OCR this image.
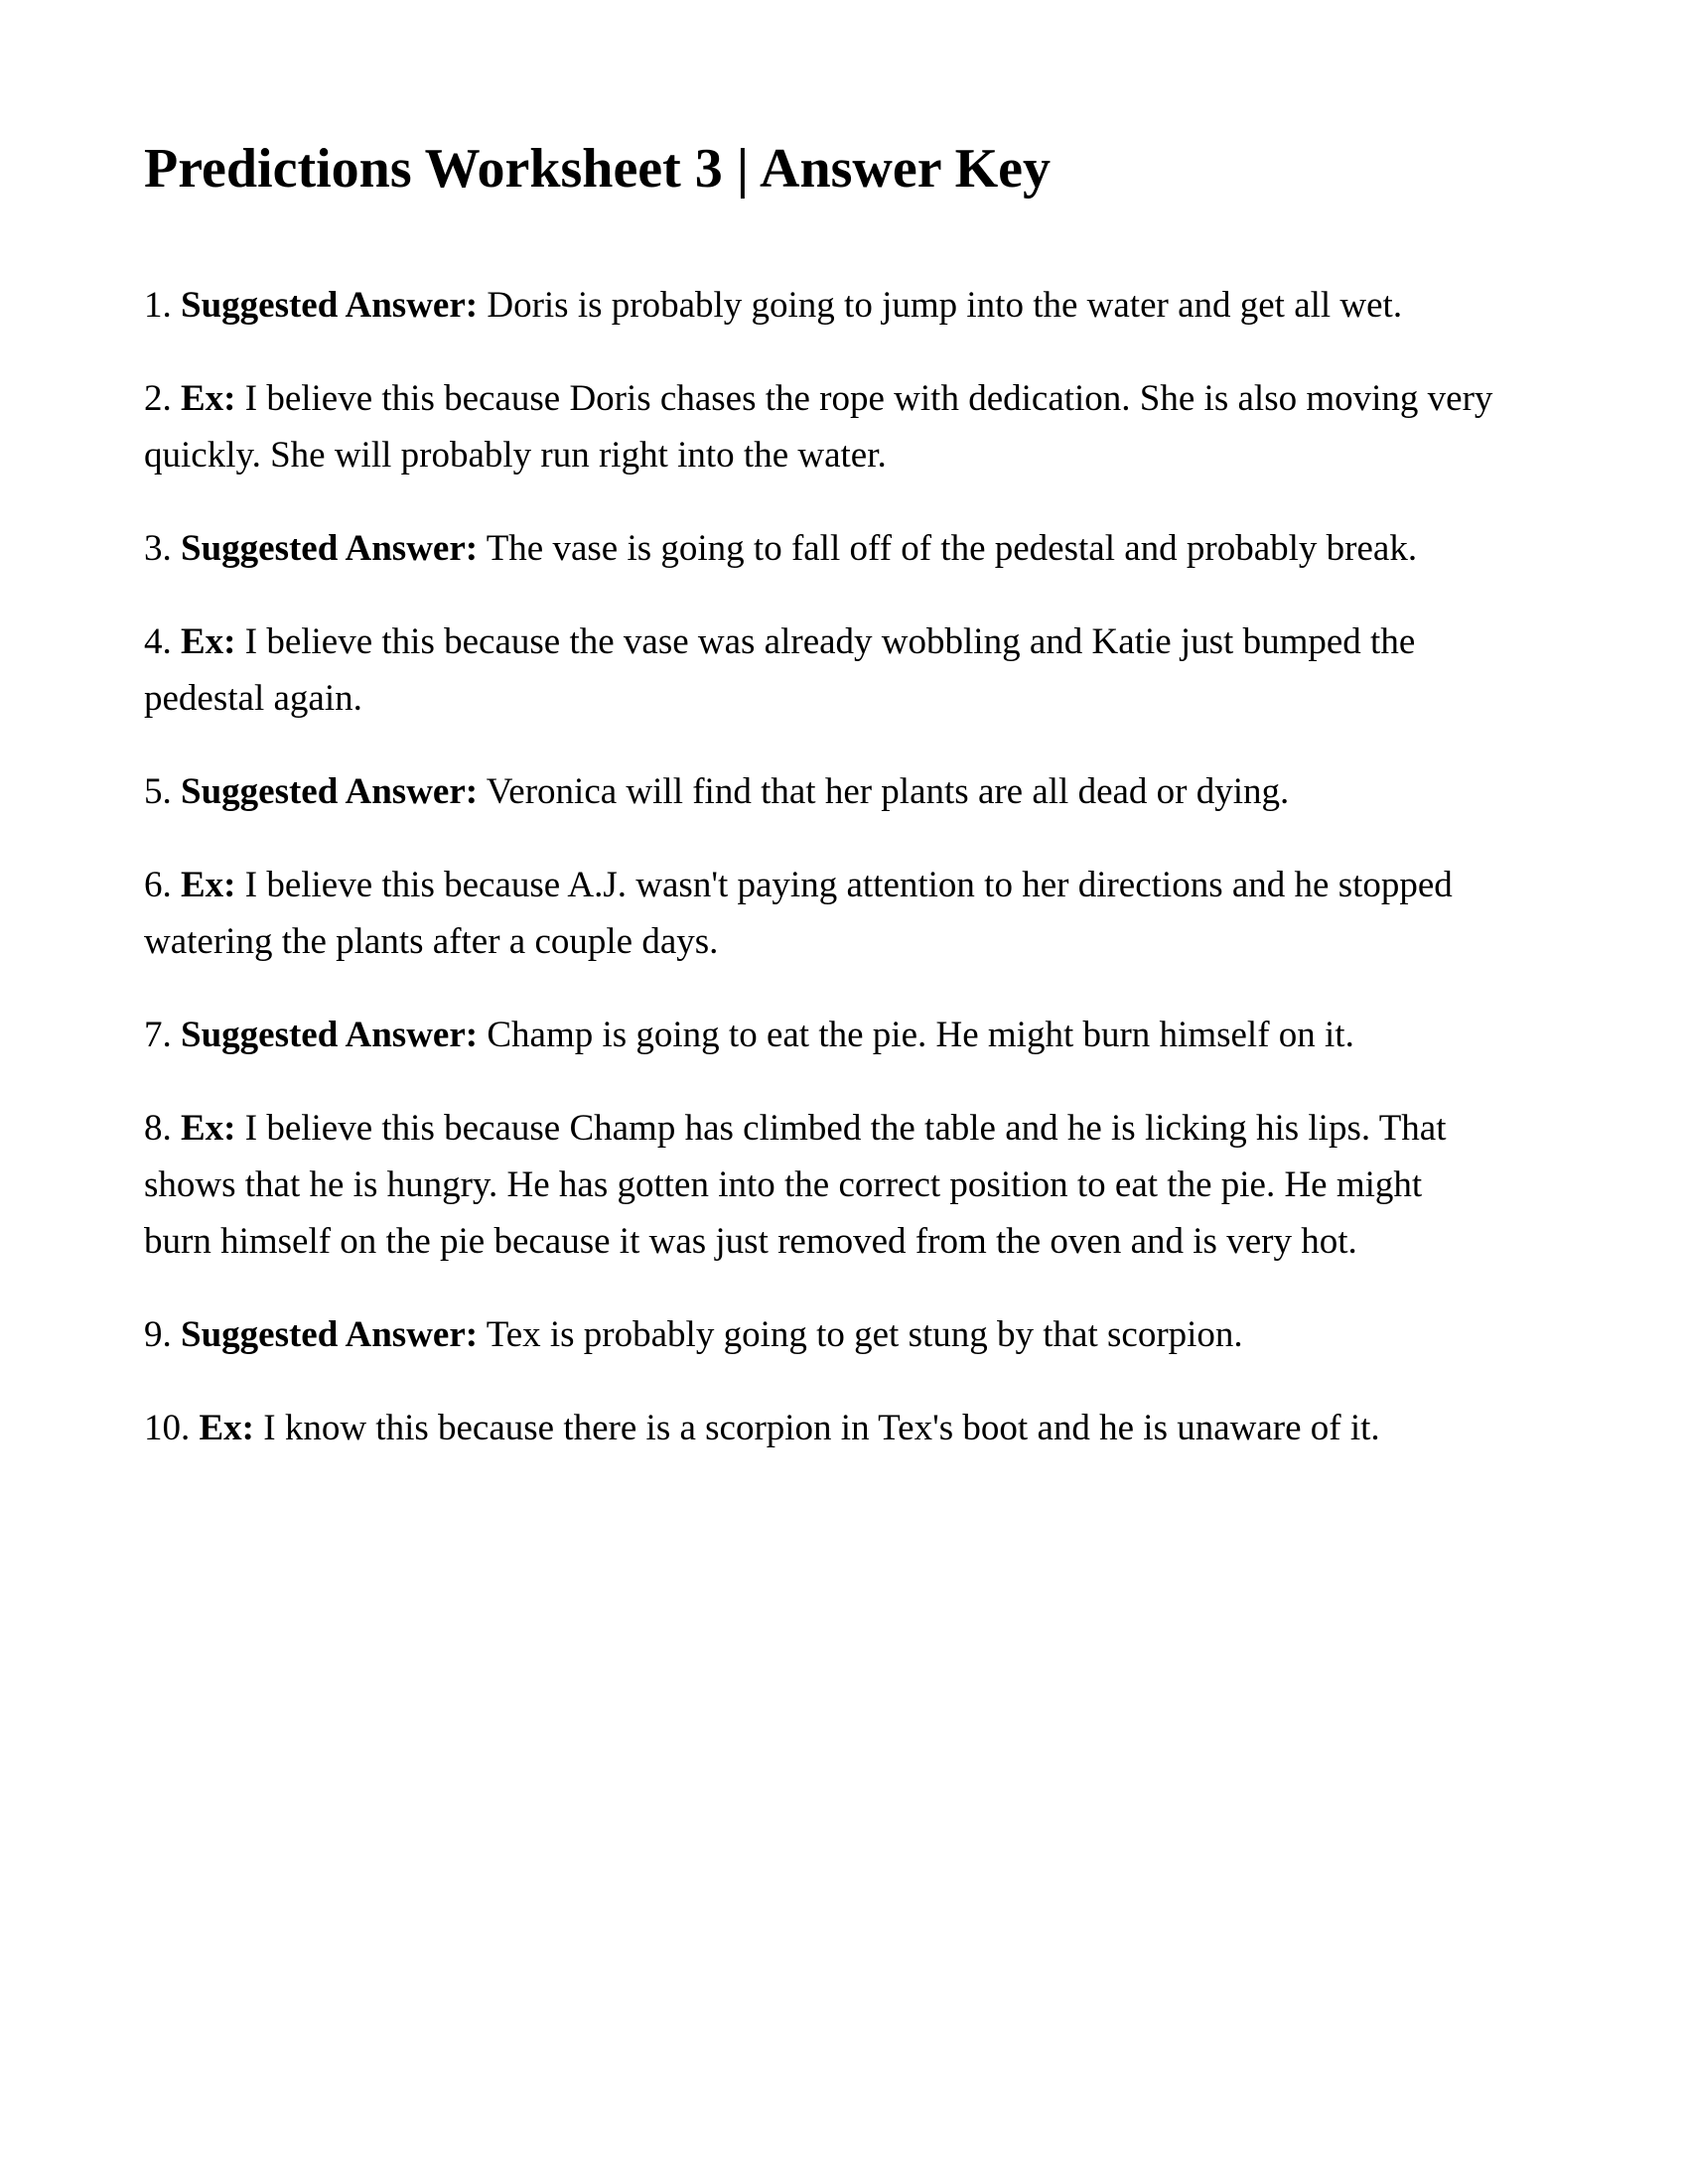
Predictions Worksheet 3 | Answer Key

1. Suggested Answer: Doris is probably going to jump into the water and get all wet.

2. Ex: I believe this because Doris chases the rope with dedication. She is also moving very quickly. She will probably run right into the water.

3. Suggested Answer: The vase is going to fall off of the pedestal and probably break.

4. Ex: I believe this because the vase was already wobbling and Katie just bumped the pedestal again.

5. Suggested Answer: Veronica will find that her plants are all dead or dying.

6. Ex: I believe this because A.J. wasn't paying attention to her directions and he stopped watering the plants after a couple days.

7. Suggested Answer: Champ is going to eat the pie. He might burn himself on it.

8. Ex: I believe this because Champ has climbed the table and he is licking his lips. That shows that he is hungry. He has gotten into the correct position to eat the pie. He might burn himself on the pie because it was just removed from the oven and is very hot.

9. Suggested Answer: Tex is probably going to get stung by that scorpion.

10. Ex: I know this because there is a scorpion in Tex's boot and he is unaware of it.
